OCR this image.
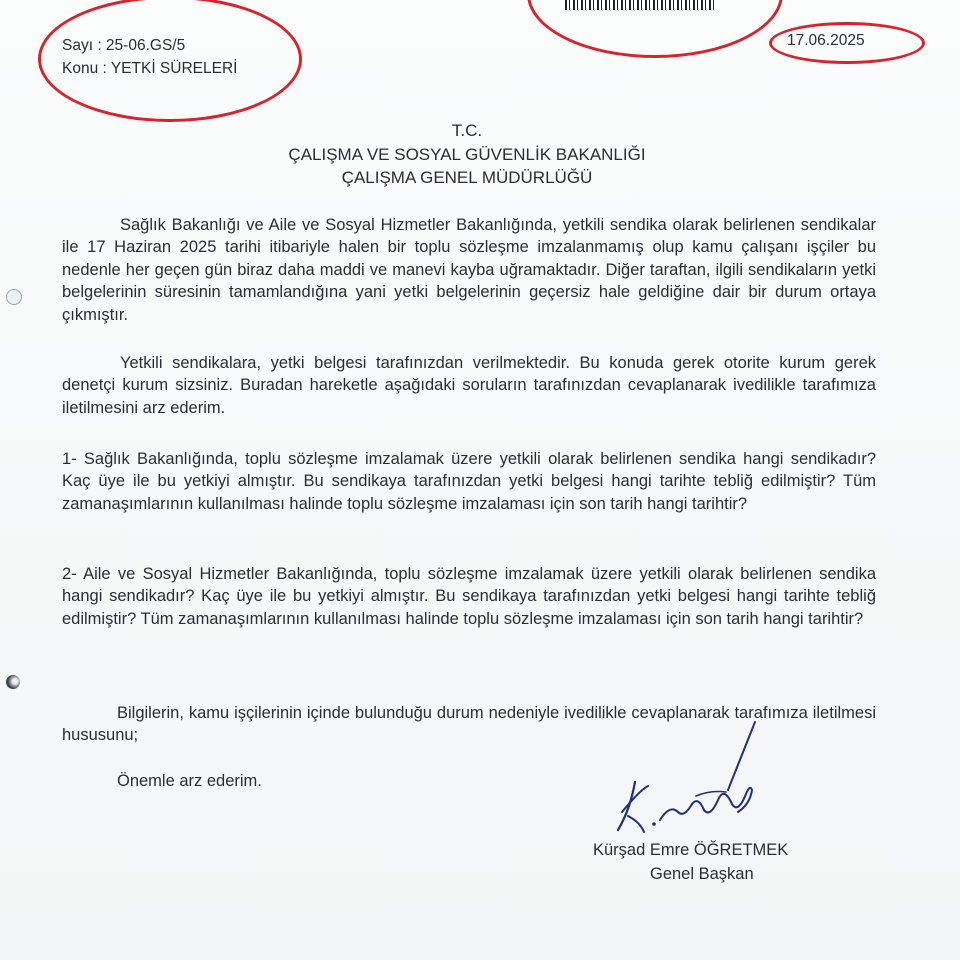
Sayı : 25-06.GS/5
Konu : YETKİ SÜRELERİ
17.06.2025
T.C.
ÇALIŞMA VE SOSYAL GÜVENLİK BAKANLIĞI
ÇALIŞMA GENEL MÜDÜRLÜĞÜ
Sağlık Bakanlığı ve Aile ve Sosyal Hizmetler Bakanlığında, yetkili sendika olarak belirlenen sendikalar ile 17 Haziran 2025 tarihi itibariyle halen bir toplu sözleşme imzalanmamış olup kamu çalışanı işçiler bu nedenle her geçen gün biraz daha maddi ve manevi kayba uğramaktadır. Diğer taraftan, ilgili sendikaların yetki belgelerinin süresinin tamamlandığına yani yetki belgelerinin geçersiz hale geldiğine dair bir durum ortaya çıkmıştır.
Yetkili sendikalara, yetki belgesi tarafınızdan verilmektedir. Bu konuda gerek otorite kurum gerek denetçi kurum sizsiniz. Buradan hareketle aşağıdaki soruların tarafınızdan cevaplanarak ivedilikle tarafımıza iletilmesini arz ederim.
1- Sağlık Bakanlığında, toplu sözleşme imzalamak üzere yetkili olarak belirlenen sendika hangi sendikadır? Kaç üye ile bu yetkiyi almıştır. Bu sendikaya tarafınızdan yetki belgesi hangi tarihte tebliğ edilmiştir? Tüm zamanaşımlarının kullanılması halinde toplu sözleşme imzalaması için son tarih hangi tarihtir?
2- Aile ve Sosyal Hizmetler Bakanlığında, toplu sözleşme imzalamak üzere yetkili olarak belirlenen sendika hangi sendikadır? Kaç üye ile bu yetkiyi almıştır. Bu sendikaya tarafınızdan yetki belgesi hangi tarihte tebliğ edilmiştir? Tüm zamanaşımlarının kullanılması halinde toplu sözleşme imzalaması için son tarih hangi tarihtir?
Bilgilerin, kamu işçilerinin içinde bulunduğu durum nedeniyle ivedilikle cevaplanarak tarafımıza iletilmesi hususunu;
Önemle arz ederim.
Kürşad Emre ÖĞRETMEK
Genel Başkan
